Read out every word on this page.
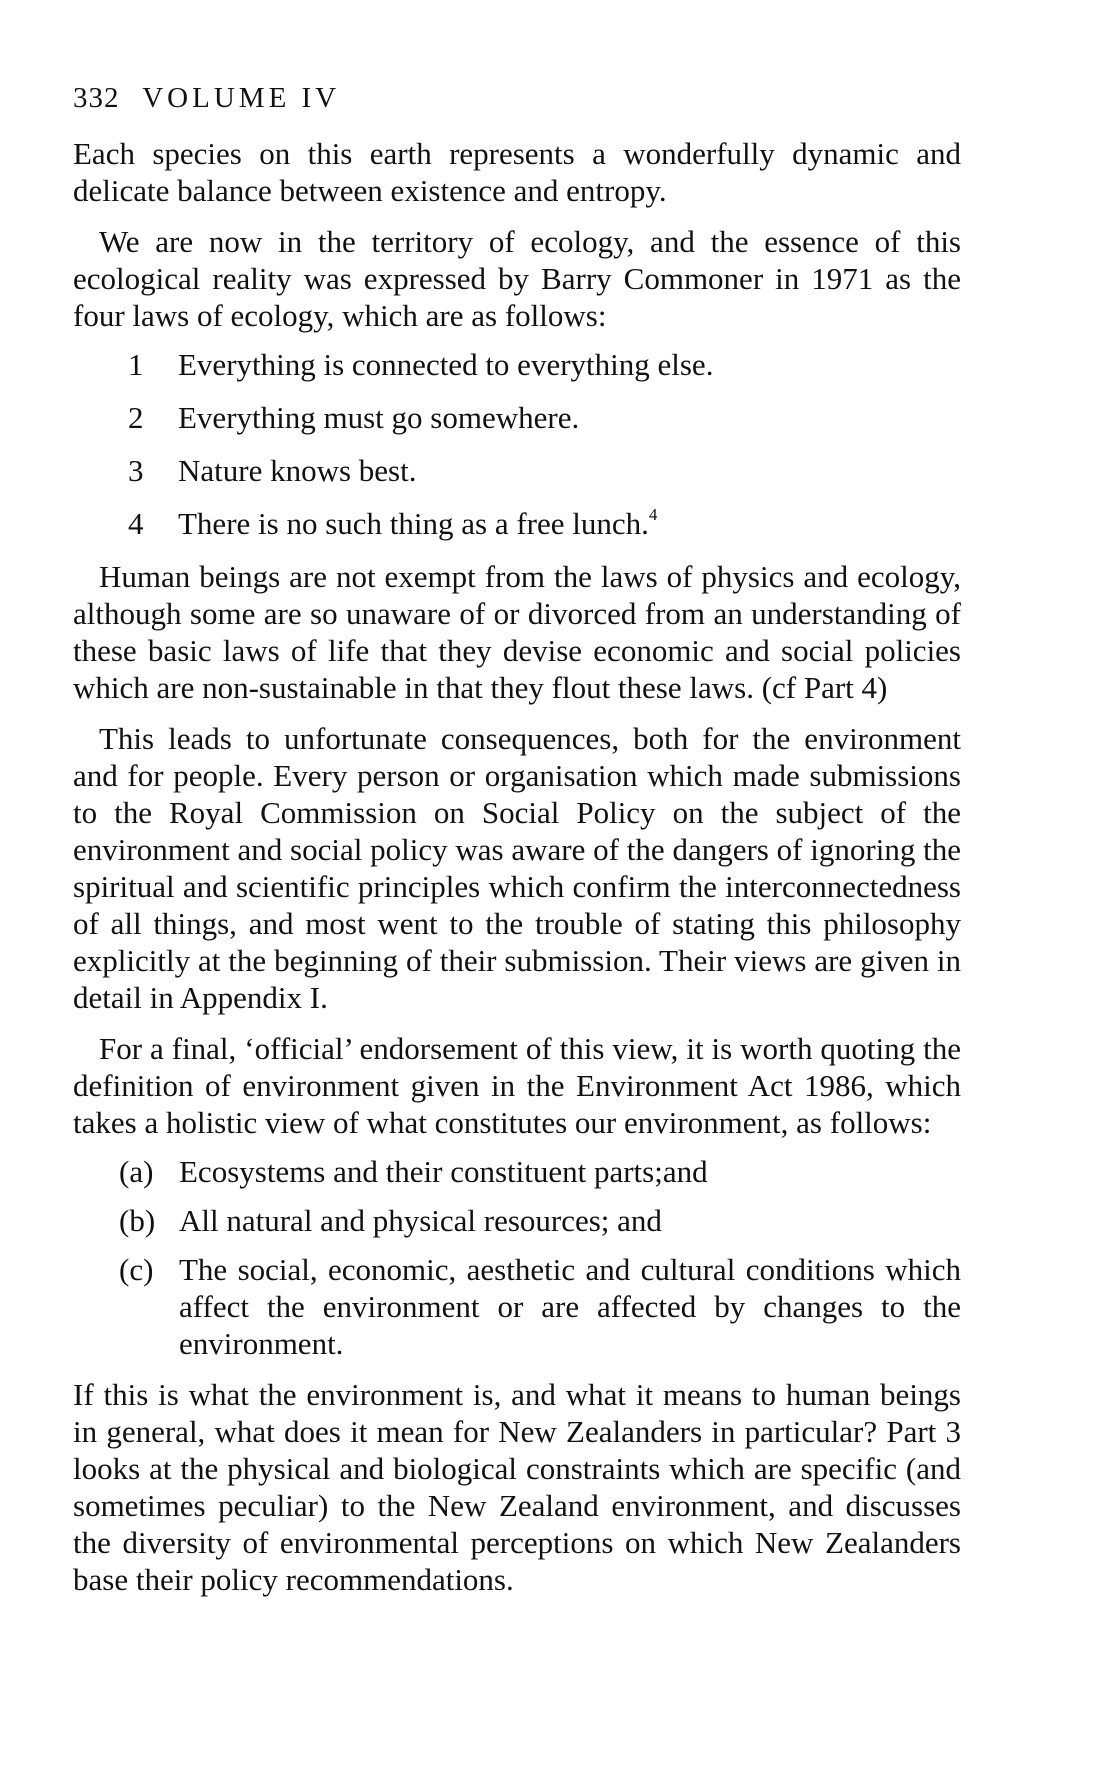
332 VOLUME IV

Each species on this earth represents a wonderfully dynamic and delicate balance between existence and entropy.

We are now in the territory of ecology, and the essence of this ecological reality was expressed by Barry Commoner in 1971 as the four laws of ecology, which are as follows:

1	Everything is connected to everything else.
2	Everything must go somewhere.
3	Nature knows best.
4	There is no such thing as a free lunch.$^4$

Human beings are not exempt from the laws of physics and ecology, although some are so unaware of or divorced from an understanding of these basic laws of life that they devise economic and social policies which are non-sustainable in that they flout these laws. (cf Part 4)

This leads to unfortunate consequences, both for the environment and for people. Every person or organisation which made submissions to the Royal Commission on Social Policy on the subject of the environment and social policy was aware of the dangers of ignoring the spiritual and scientific principles which confirm the interconnectedness of all things, and most went to the trouble of stating this philosophy explicitly at the beginning of their submission. Their views are given in detail in Appendix I.

For a final, ‘official’ endorsement of this view, it is worth quoting the definition of environment given in the Environment Act 1986, which takes a holistic view of what constitutes our environment, as follows:

(a) Ecosystems and their constituent parts;and
(b) All natural and physical resources; and
(c) The social, economic, aesthetic and cultural conditions which affect the environment or are affected by changes to the environment.

If this is what the environment is, and what it means to human beings in general, what does it mean for New Zealanders in particular? Part 3 looks at the physical and biological constraints which are specific (and sometimes peculiar) to the New Zealand environment, and discusses the diversity of environmental perceptions on which New Zealanders base their policy recommendations.
